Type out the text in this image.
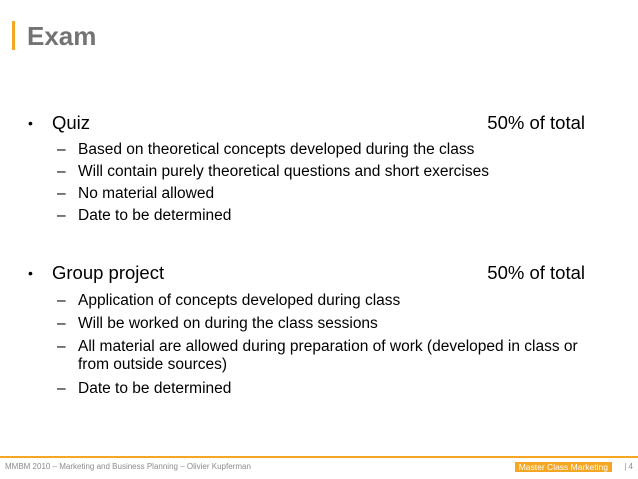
Exam
• Quiz	50% of total
– Based on theoretical concepts developed during the class
– Will contain purely theoretical questions and short exercises
– No material allowed
– Date to be determined
• Group project	50% of total
– Application of concepts developed during class
– Will be worked on during the class sessions
– All material are allowed during preparation of work (developed in class or from outside sources)
– Date to be determined
MMBM 2010 – Marketing and Business Planning – Olivier Kupferman	Master Class Marketing	| 4
